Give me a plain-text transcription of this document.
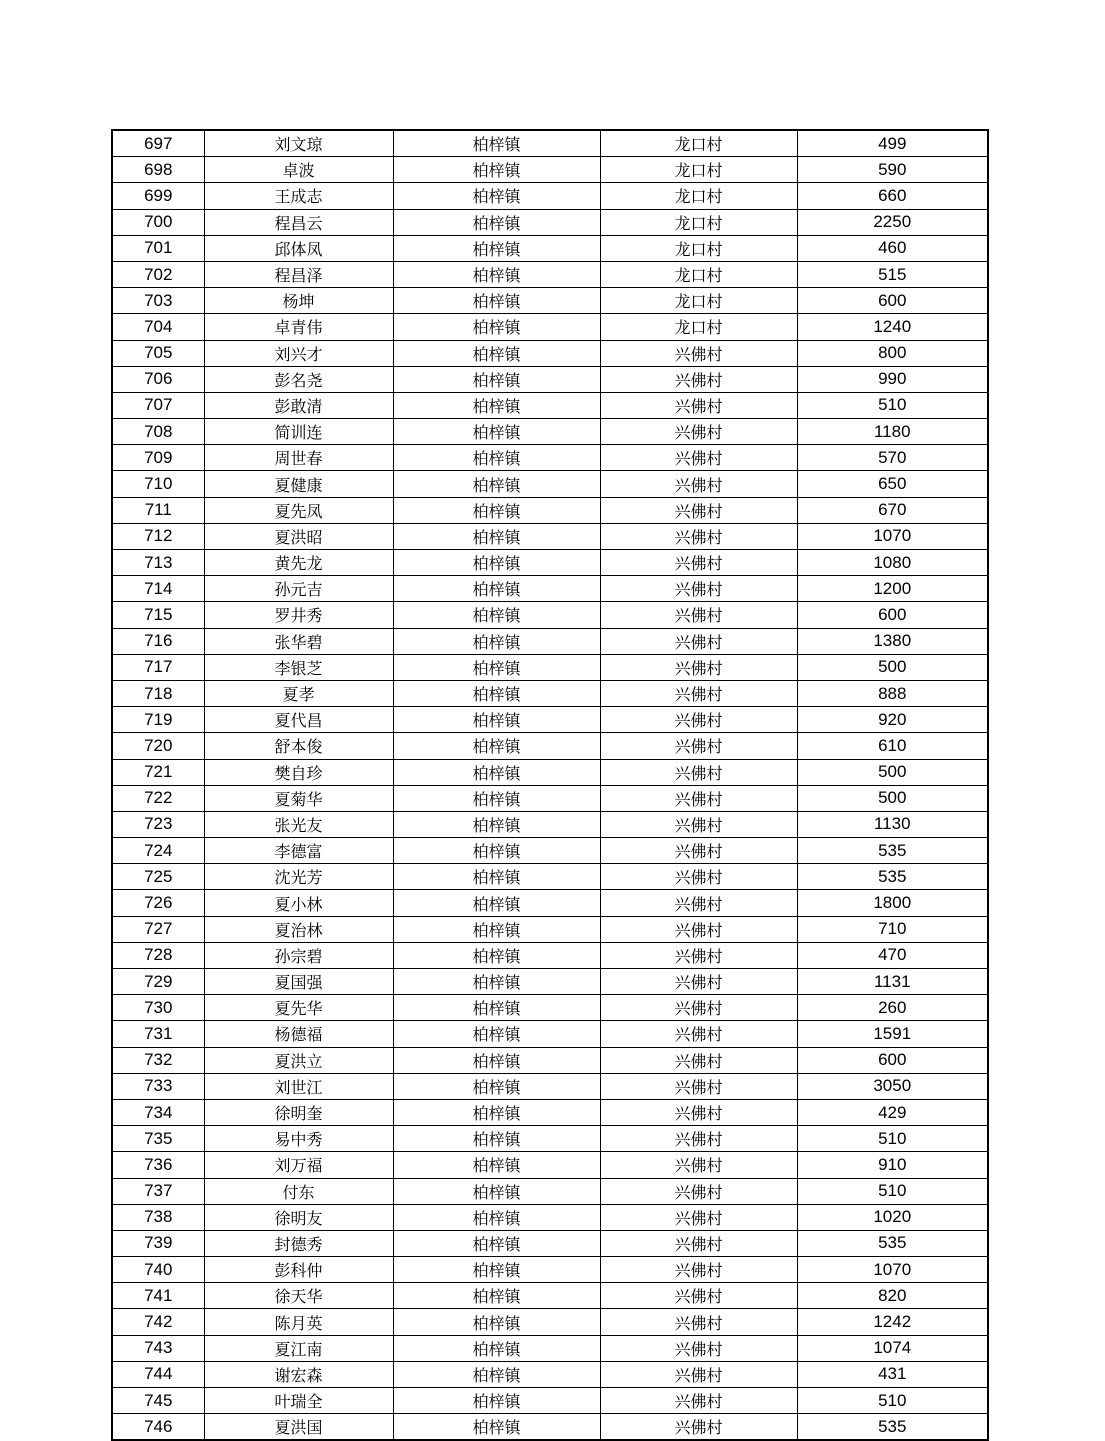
697	刘文琼	柏梓镇	龙口村	499
698	卓波	柏梓镇	龙口村	590
699	王成志	柏梓镇	龙口村	660
700	程昌云	柏梓镇	龙口村	2250
701	邱体凤	柏梓镇	龙口村	460
702	程昌泽	柏梓镇	龙口村	515
703	杨坤	柏梓镇	龙口村	600
704	卓青伟	柏梓镇	龙口村	1240
705	刘兴才	柏梓镇	兴佛村	800
706	彭名尧	柏梓镇	兴佛村	990
707	彭敢清	柏梓镇	兴佛村	510
708	简训连	柏梓镇	兴佛村	1180
709	周世春	柏梓镇	兴佛村	570
710	夏健康	柏梓镇	兴佛村	650
711	夏先凤	柏梓镇	兴佛村	670
712	夏洪昭	柏梓镇	兴佛村	1070
713	黄先龙	柏梓镇	兴佛村	1080
714	孙元吉	柏梓镇	兴佛村	1200
715	罗井秀	柏梓镇	兴佛村	600
716	张华碧	柏梓镇	兴佛村	1380
717	李银芝	柏梓镇	兴佛村	500
718	夏孝	柏梓镇	兴佛村	888
719	夏代昌	柏梓镇	兴佛村	920
720	舒本俊	柏梓镇	兴佛村	610
721	樊自珍	柏梓镇	兴佛村	500
722	夏菊华	柏梓镇	兴佛村	500
723	张光友	柏梓镇	兴佛村	1130
724	李德富	柏梓镇	兴佛村	535
725	沈光芳	柏梓镇	兴佛村	535
726	夏小林	柏梓镇	兴佛村	1800
727	夏治林	柏梓镇	兴佛村	710
728	孙宗碧	柏梓镇	兴佛村	470
729	夏国强	柏梓镇	兴佛村	1131
730	夏先华	柏梓镇	兴佛村	260
731	杨德福	柏梓镇	兴佛村	1591
732	夏洪立	柏梓镇	兴佛村	600
733	刘世江	柏梓镇	兴佛村	3050
734	徐明奎	柏梓镇	兴佛村	429
735	易中秀	柏梓镇	兴佛村	510
736	刘万福	柏梓镇	兴佛村	910
737	付东	柏梓镇	兴佛村	510
738	徐明友	柏梓镇	兴佛村	1020
739	封德秀	柏梓镇	兴佛村	535
740	彭科仲	柏梓镇	兴佛村	1070
741	徐天华	柏梓镇	兴佛村	820
742	陈月英	柏梓镇	兴佛村	1242
743	夏江南	柏梓镇	兴佛村	1074
744	谢宏森	柏梓镇	兴佛村	431
745	叶瑞全	柏梓镇	兴佛村	510
746	夏洪国	柏梓镇	兴佛村	535
